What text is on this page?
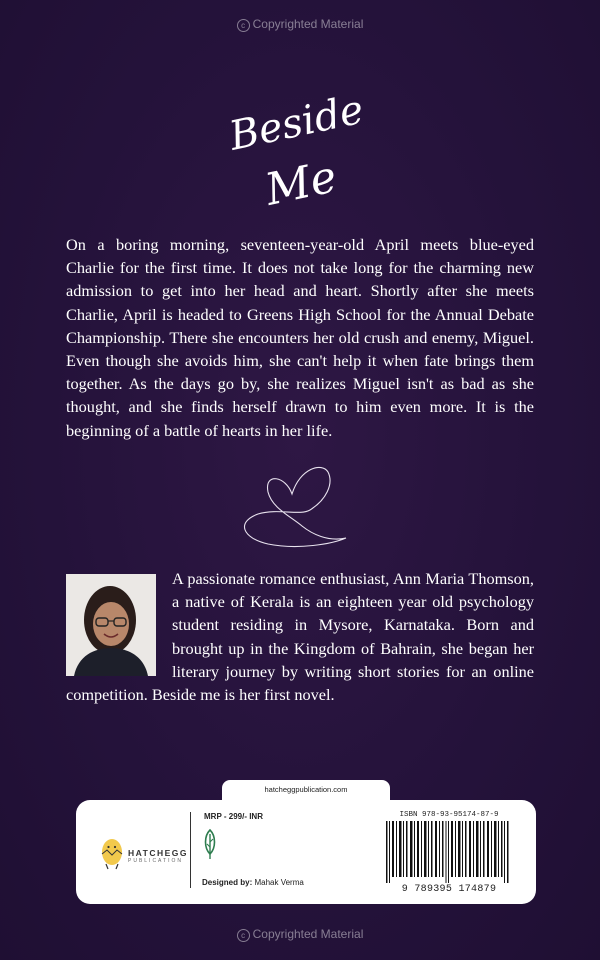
c Copyrighted Material
Beside
Me
On a boring morning, seventeen-year-old April meets blue-eyed Charlie for the first time. It does not take long for the charming new admission to get into her head and heart. Shortly after she meets Charlie, April is headed to Greens High School for the Annual Debate Championship. There she encounters her old crush and enemy, Miguel. Even though she avoids him, she can't help it when fate brings them together. As the days go by, she realizes Miguel isn't as bad as she thought, and she finds herself drawn to him even more. It is the beginning of a battle of hearts in her life.
A passionate romance enthusiast, Ann Maria Thomson, a native of Kerala is an eighteen year old psychology student residing in Mysore, Karnataka. Born and brought up in the Kingdom of Bahrain, she began her literary journey by writing short stories for an online competition. Beside me is her first novel.
hatcheggpublication.com
HATCHEGG
PUBLICATION
MRP - 299/- INR
Designed by: Mahak Verma
ISBN 978-93-95174-87-9
9 789395 174879
c Copyrighted Material
